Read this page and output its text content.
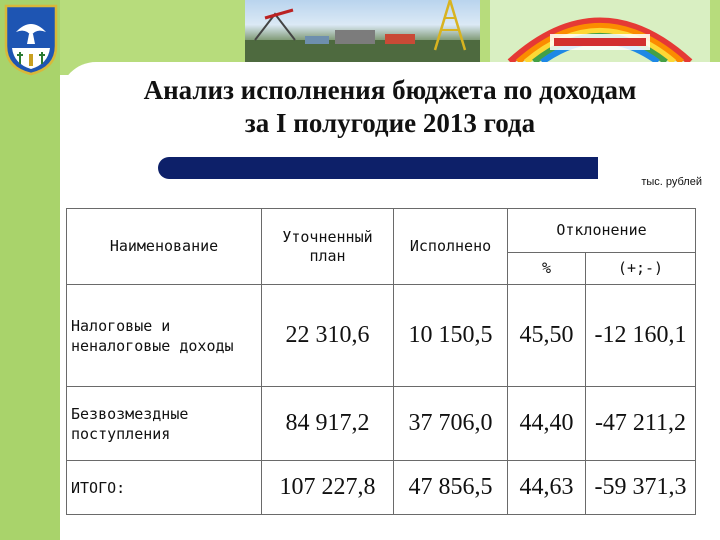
Анализ исполнения бюджета по доходам
за I полугодие 2013 года
тыс. рублей
Наименование	Уточненный план	Исполнено	Отклонение	
			%	(+;-)
Налоговые и неналоговые доходы	22 310,6	10 150,5	45,50	-12 160,1
Безвозмездные поступления	84 917,2	37 706,0	44,40	-47 211,2
ИТОГО:	107 227,8	47 856,5	44,63	-59 371,3
